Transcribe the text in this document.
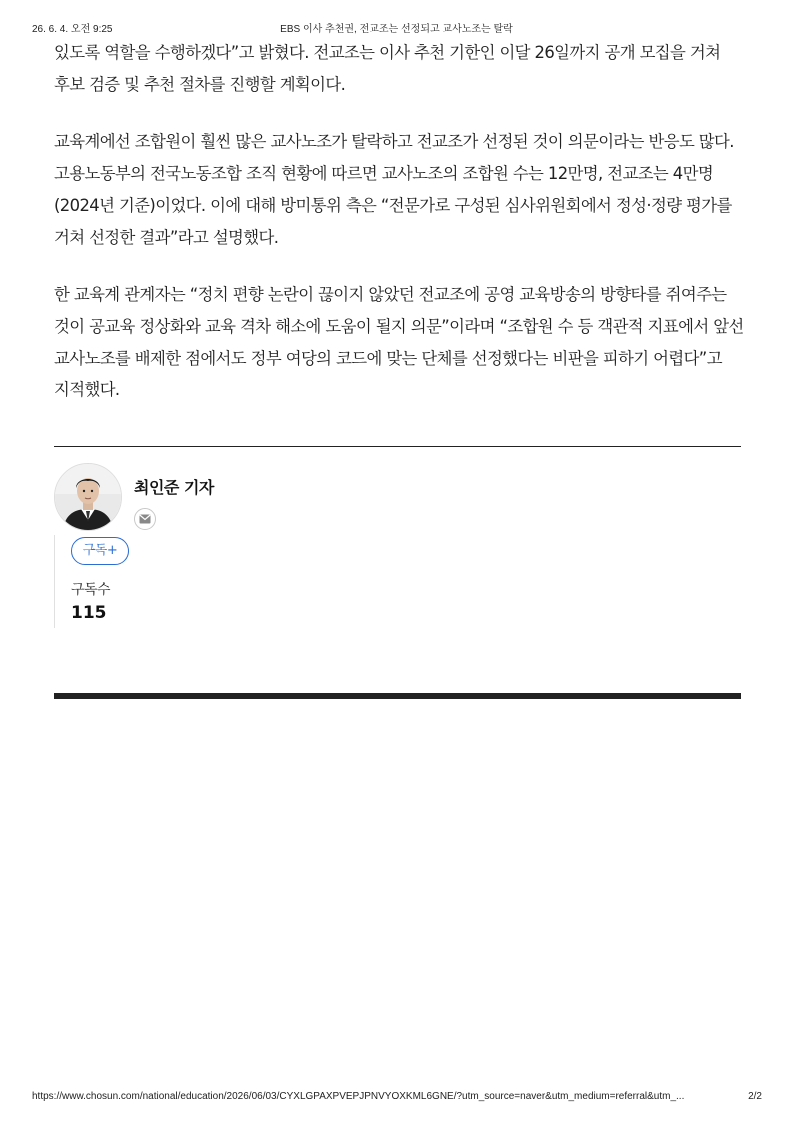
26. 6. 4. 오전 9:25	EBS 이사 추천권, 전교조는 선정되고 교사노조는 탈락

있도록 역할을 수행하겠다”고 밝혔다. 전교조는 이사 추천 기한인 이달 26일까지 공개 모집을 거쳐 후보 검증 및 추천 절차를 진행할 계획이다.

교육계에선 조합원이 훨씬 많은 교사노조가 탈락하고 전교조가 선정된 것이 의문이라는 반응도 많다. 고용노동부의 전국노동조합 조직 현황에 따르면 교사노조의 조합원 수는 12만명, 전교조는 4만명(2024년 기준)이었다. 이에 대해 방미통위 측은 “전문가로 구성된 심사위원회에서 정성·정량 평가를 거쳐 선정한 결과”라고 설명했다.

한 교육계 관계자는 “정치 편향 논란이 끊이지 않았던 전교조에 공영 교육방송의 방향타를 쥐여주는 것이 공교육 정상화와 교육 격차 해소에 도움이 될지 의문”이라며 “조합원 수 등 객관적 지표에서 앞선 교사노조를 배제한 점에서도 정부 여당의 코드에 맞는 단체를 선정했다는 비판을 피하기 어렵다”고 지적했다.

최인준 기자
구독+
구독수
115
https://www.chosun.com/national/education/2026/06/03/CYXLGPAXPVEPJPNVYOXKML6GNE/?utm_source=naver&utm_medium=referral&utm_...	2/2
